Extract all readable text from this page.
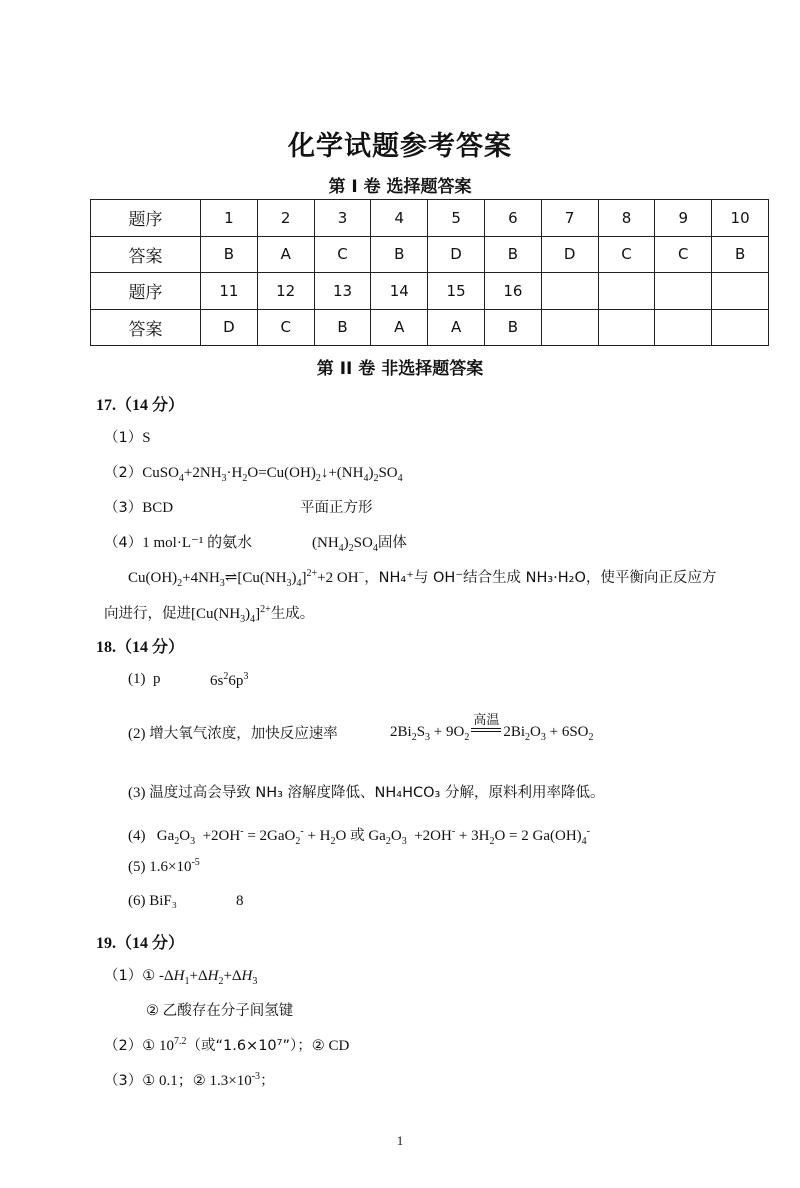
化学试题参考答案
第 I 卷 选择题答案
题序	1	2	3	4	5	6	7	8	9	10
答案	B	A	C	B	D	B	D	C	C	B
题序	11	12	13	14	15	16				
答案	D	C	B	A	A	B				
第 II 卷 非选择题答案
17.（14 分）
（1）S
$(2)CuSO_4+2NH_3\cdot H_2O=Cu(OH)_2↓+(NH_4)_2SO_4$
（3）BCD	平面正方形
（4）1 mol·L⁻¹ 的氨水	$(NH_4)_2SO_4$固体
$Cu(OH)_2+4NH_3\rightleftharpoons[Cu(NH_3)_4]^{2+}+2$ OH−，NH₄⁺与 OH⁻结合生成 NH₃·H₂O，使平衡向正反应方
向进行，促进$[Cu(NH_3)_4]^{2+}$生成。
18.（14 分）
(1) p	$6s^26p^3$
(2) 增大氧气浓度，加快反应速率	$2Bi_2S_3 + 9O_2$
高温
$2Bi_2O_3 + 6SO_2$
(3) 温度过高会导致 NH₃ 溶解度降低、NH₄HCO₃ 分解，原料利用率降低。
(4)   $Ga_2O_3 +2OH^- = 2GaO_2^- + H_2O$ 或 $Ga_2O_3 +2OH^- + 3H_2O = 2$ $Ga(OH)_4^-$
(5) $1.6\times 10^{-5}$
(6) BiF₃	8
19.（14 分）
（1）① $-\Delta H_1+\Delta H_2+\Delta H_3$
② 乙酸存在分子间氢键
（2）① $10^{7.2}$（或“1.6×10⁷”）；② CD
（3）① 0.1；② $1.3\times 10^{-3}$；
1
